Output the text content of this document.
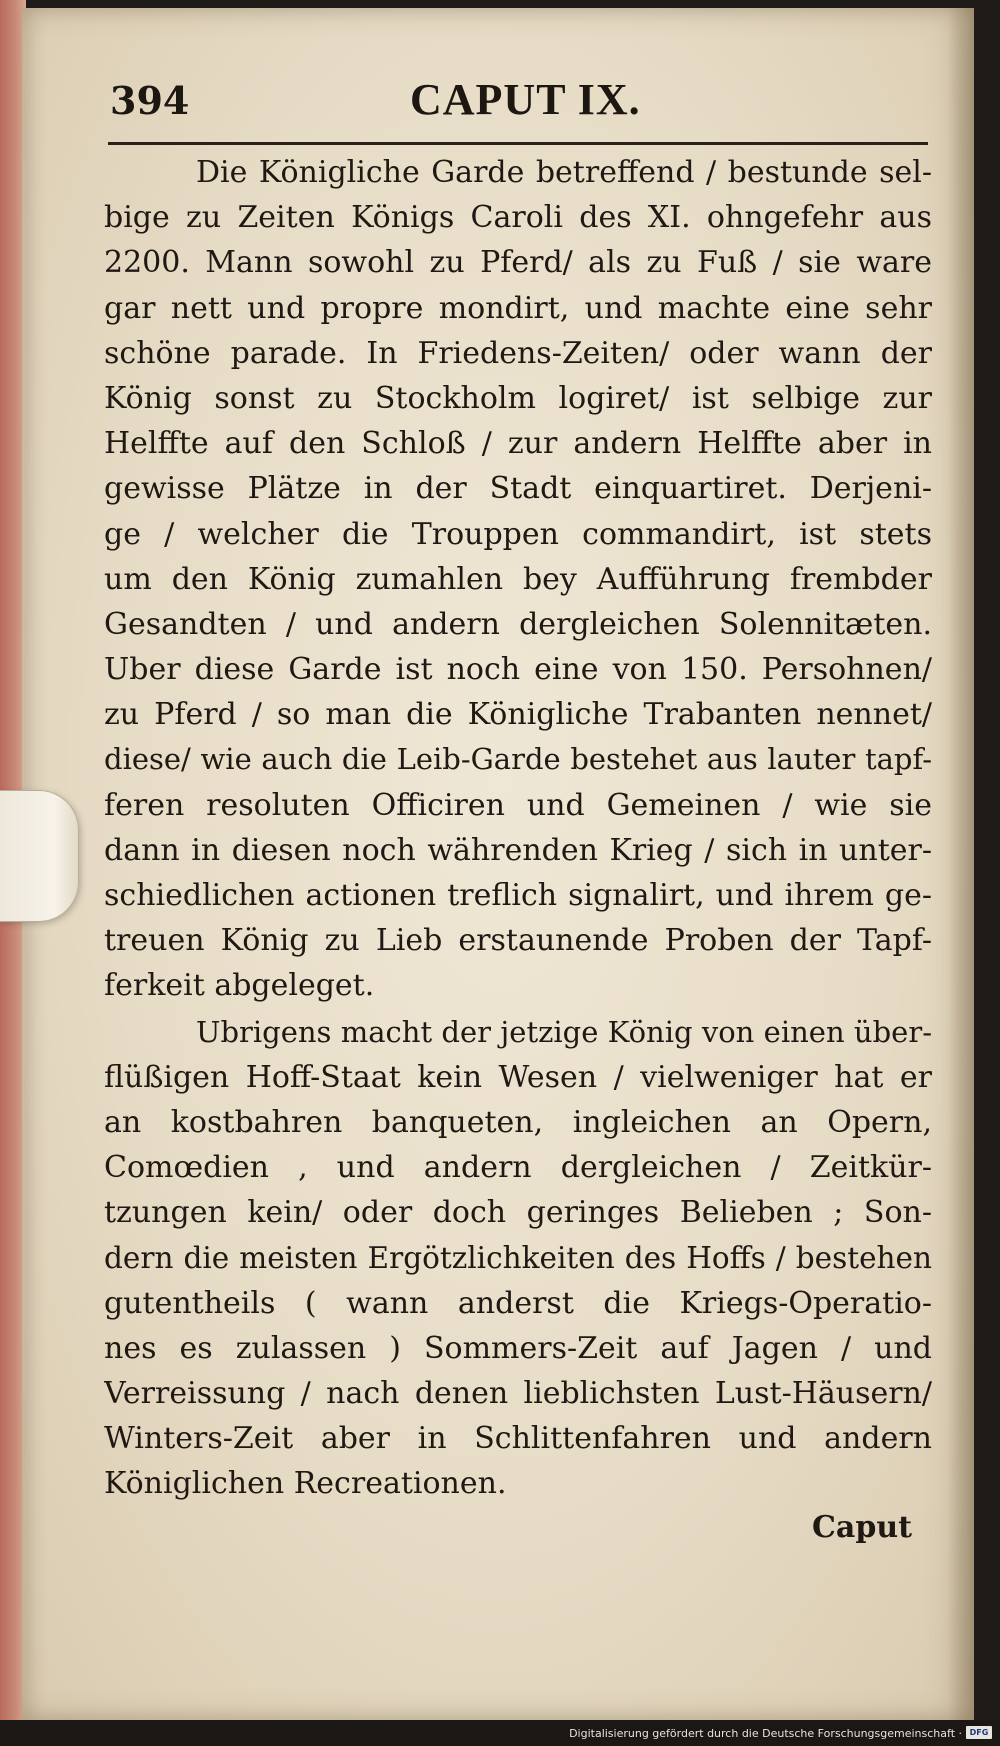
394	CAPUT IX.
Die Königliche Garde betreffend / bestunde sel-
bige zu Zeiten Königs Caroli des XI. ohngefehr aus
2200. Mann sowohl zu Pferd/ als zu Fuß / sie ware
gar nett und propre mondirt, und machte eine sehr
schöne parade. In Friedens-Zeiten/ oder wann der
König sonst zu Stockholm logiret/ ist selbige zur
Helffte auf den Schloß / zur andern Helffte aber in
gewisse Plätze in der Stadt einquartiret. Derjeni-
ge / welcher die Trouppen commandirt, ist stets
um den König zumahlen bey Aufführung frembder
Gesandten / und andern dergleichen Solennitæten.
Uber diese Garde ist noch eine von 150. Persohnen/
zu Pferd / so man die Königliche Trabanten nennet/
diese/ wie auch die Leib-Garde bestehet aus lauter tapf-
feren resoluten Officiren und Gemeinen / wie sie
dann in diesen noch währenden Krieg / sich in unter-
schiedlichen actionen treflich signalirt, und ihrem ge-
treuen König zu Lieb erstaunende Proben der Tapf-
ferkeit abgeleget.
Ubrigens macht der jetzige König von einen über-
flüßigen Hoff-Staat kein Wesen / vielweniger hat er
an kostbahren banqueten, ingleichen an Opern,
Comœdien , und andern dergleichen / Zeitkür-
tzungen kein/ oder doch geringes Belieben ; Son-
dern die meisten Ergötzlichkeiten des Hoffs / bestehen
gutentheils ( wann anderst die Kriegs-Operatio-
nes es zulassen ) Sommers-Zeit auf Jagen / und
Verreissung / nach denen lieblichsten Lust-Häusern/
Winters-Zeit aber in Schlittenfahren und andern
Königlichen Recreationen.
Caput
Digitalisierung gefördert durch die Deutsche Forschungsgemeinschaft · DFG
